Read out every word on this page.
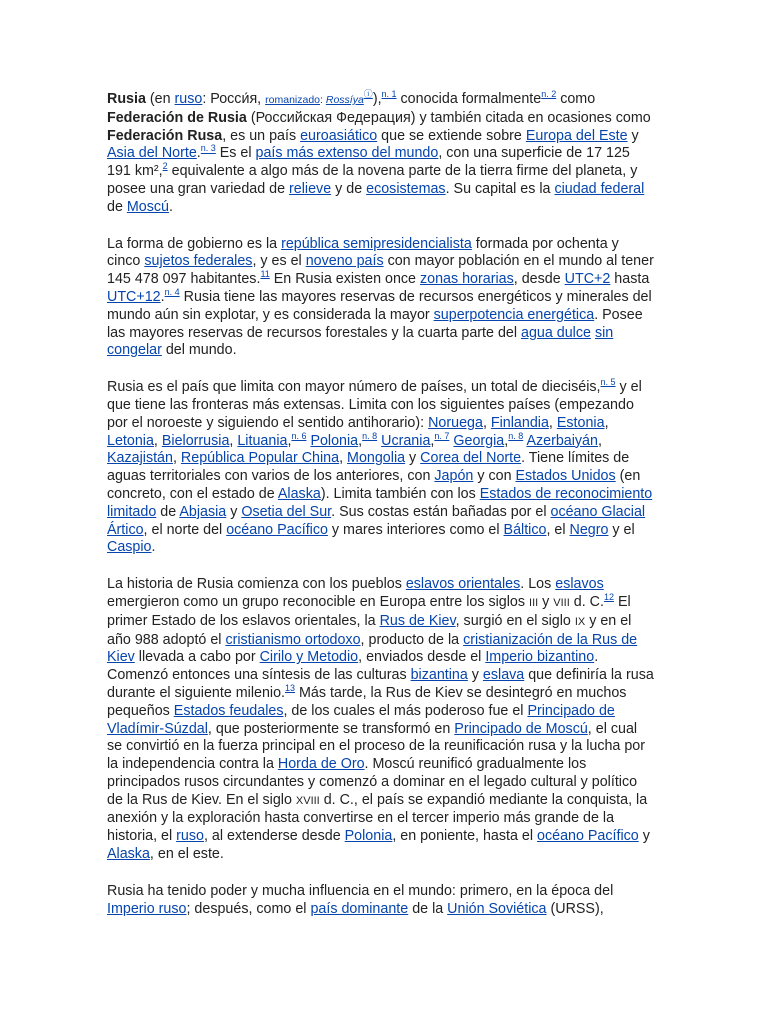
Rusia (en ruso: Росси́я, romanizado: Rossíyaⓘ),$^{n. 1}$ conocida formalmente$^{n. 2}$ como Federación de Rusia (Российская Федерация) y también citada en ocasiones como Federación Rusa, es un país euroasiático que se extiende sobre Europa del Este y Asia del Norte.$^{n. 3}$ Es el país más extenso del mundo, con una superficie de 17 125 191 km²,$^2$ equivalente a algo más de la novena parte de la tierra firme del planeta, y posee una gran variedad de relieve y de ecosistemas. Su capital es la ciudad federal de Moscú.

La forma de gobierno es la república semipresidencialista formada por ochenta y cinco sujetos federales, y es el noveno país con mayor población en el mundo al tener 145 478 097 habitantes.$^{11}$ En Rusia existen once zonas horarias, desde UTC+2 hasta UTC+12.$^{n. 4}$ Rusia tiene las mayores reservas de recursos energéticos y minerales del mundo aún sin explotar, y es considerada la mayor superpotencia energética. Posee las mayores reservas de recursos forestales y la cuarta parte del agua dulce sin congelar del mundo.

Rusia es el país que limita con mayor número de países, un total de dieciséis,$^{n. 5}$ y el que tiene las fronteras más extensas. Limita con los siguientes países (empezando por el noroeste y siguiendo el sentido antihorario): Noruega, Finlandia, Estonia, Letonia, Bielorrusia, Lituania,$^{n. 6}$ Polonia,$^{n. 8}$ Ucrania,$^{n. 7}$ Georgia,$^{n. 8}$ Azerbaiyán, Kazajistán, República Popular China, Mongolia y Corea del Norte. Tiene límites de aguas territoriales con varios de los anteriores, con Japón y con Estados Unidos (en concreto, con el estado de Alaska). Limita también con los Estados de reconocimiento limitado de Abjasia y Osetia del Sur. Sus costas están bañadas por el océano Glacial Ártico, el norte del océano Pacífico y mares interiores como el Báltico, el Negro y el Caspio.

La historia de Rusia comienza con los pueblos eslavos orientales. Los eslavos emergieron como un grupo reconocible en Europa entre los siglos III y VIII d. C.$^{12}$ El primer Estado de los eslavos orientales, la Rus de Kiev, surgió en el siglo IX y en el año 988 adoptó el cristianismo ortodoxo, producto de la cristianización de la Rus de Kiev llevada a cabo por Cirilo y Metodio, enviados desde el Imperio bizantino. Comenzó entonces una síntesis de las culturas bizantina y eslava que definiría la rusa durante el siguiente milenio.$^{13}$ Más tarde, la Rus de Kiev se desintegró en muchos pequeños Estados feudales, de los cuales el más poderoso fue el Principado de Vladímir-Súzdal, que posteriormente se transformó en Principado de Moscú, el cual se convirtió en la fuerza principal en el proceso de la reunificación rusa y la lucha por la independencia contra la Horda de Oro. Moscú reunificó gradualmente los principados rusos circundantes y comenzó a dominar en el legado cultural y político de la Rus de Kiev. En el siglo XVIII d. C., el país se expandió mediante la conquista, la anexión y la exploración hasta convertirse en el tercer imperio más grande de la historia, el ruso, al extenderse desde Polonia, en poniente, hasta el océano Pacífico y Alaska, en el este.

Rusia ha tenido poder y mucha influencia en el mundo: primero, en la época del Imperio ruso; después, como el país dominante de la Unión Soviética (URSS),
